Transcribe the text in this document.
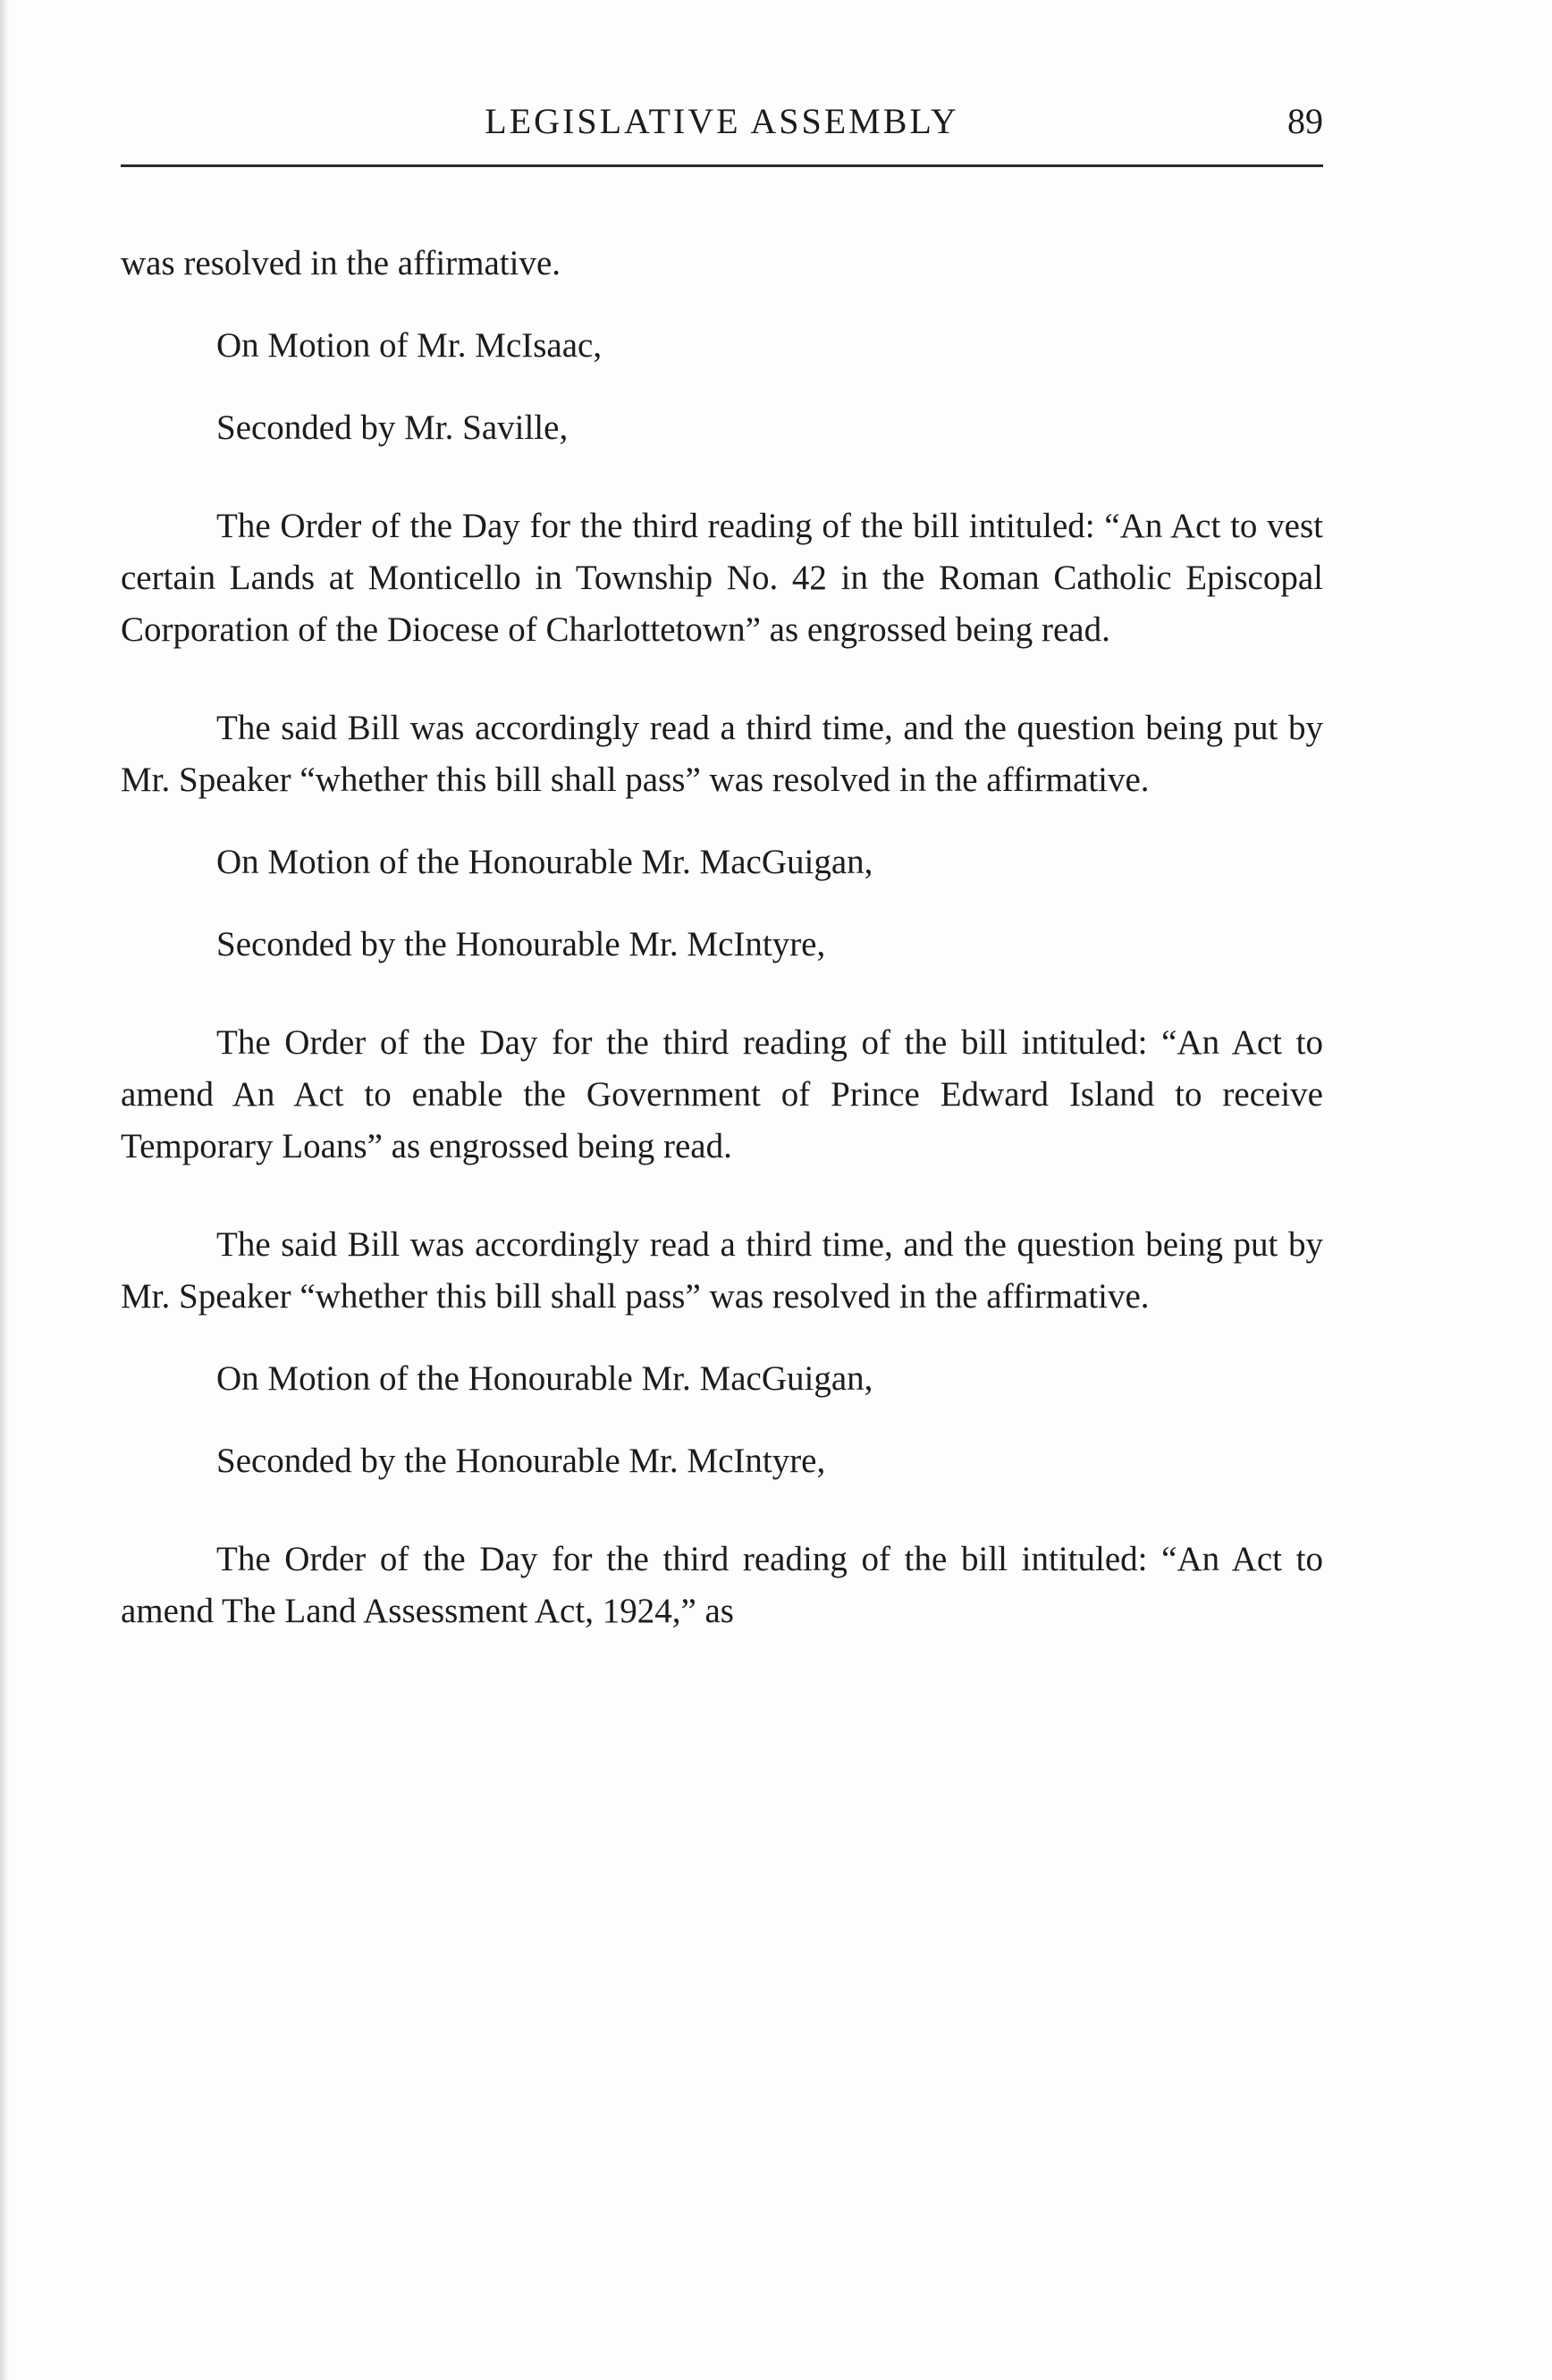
LEGISLATIVE ASSEMBLY	89

was resolved in the affirmative.

On Motion of Mr. McIsaac,

Seconded by Mr. Saville,

The Order of the Day for the third reading of the bill intituled: “An Act to vest certain Lands at Monticello in Township No. 42 in the Roman Catholic Episcopal Corporation of the Diocese of Charlottetown” as engrossed being read.

The said Bill was accordingly read a third time, and the question being put by Mr. Speaker “whether this bill shall pass” was resolved in the affirmative.

On Motion of the Honourable Mr. MacGuigan,

Seconded by the Honourable Mr. McIntyre,

The Order of the Day for the third reading of the bill intituled: “An Act to amend An Act to enable the Government of Prince Edward Island to receive Temporary Loans” as engrossed being read.

The said Bill was accordingly read a third time, and the question being put by Mr. Speaker “whether this bill shall pass” was resolved in the affirmative.

On Motion of the Honourable Mr. MacGuigan,

Seconded by the Honourable Mr. McIntyre,

The Order of the Day for the third reading of the bill intituled: “An Act to amend The Land Assessment Act, 1924,” as
